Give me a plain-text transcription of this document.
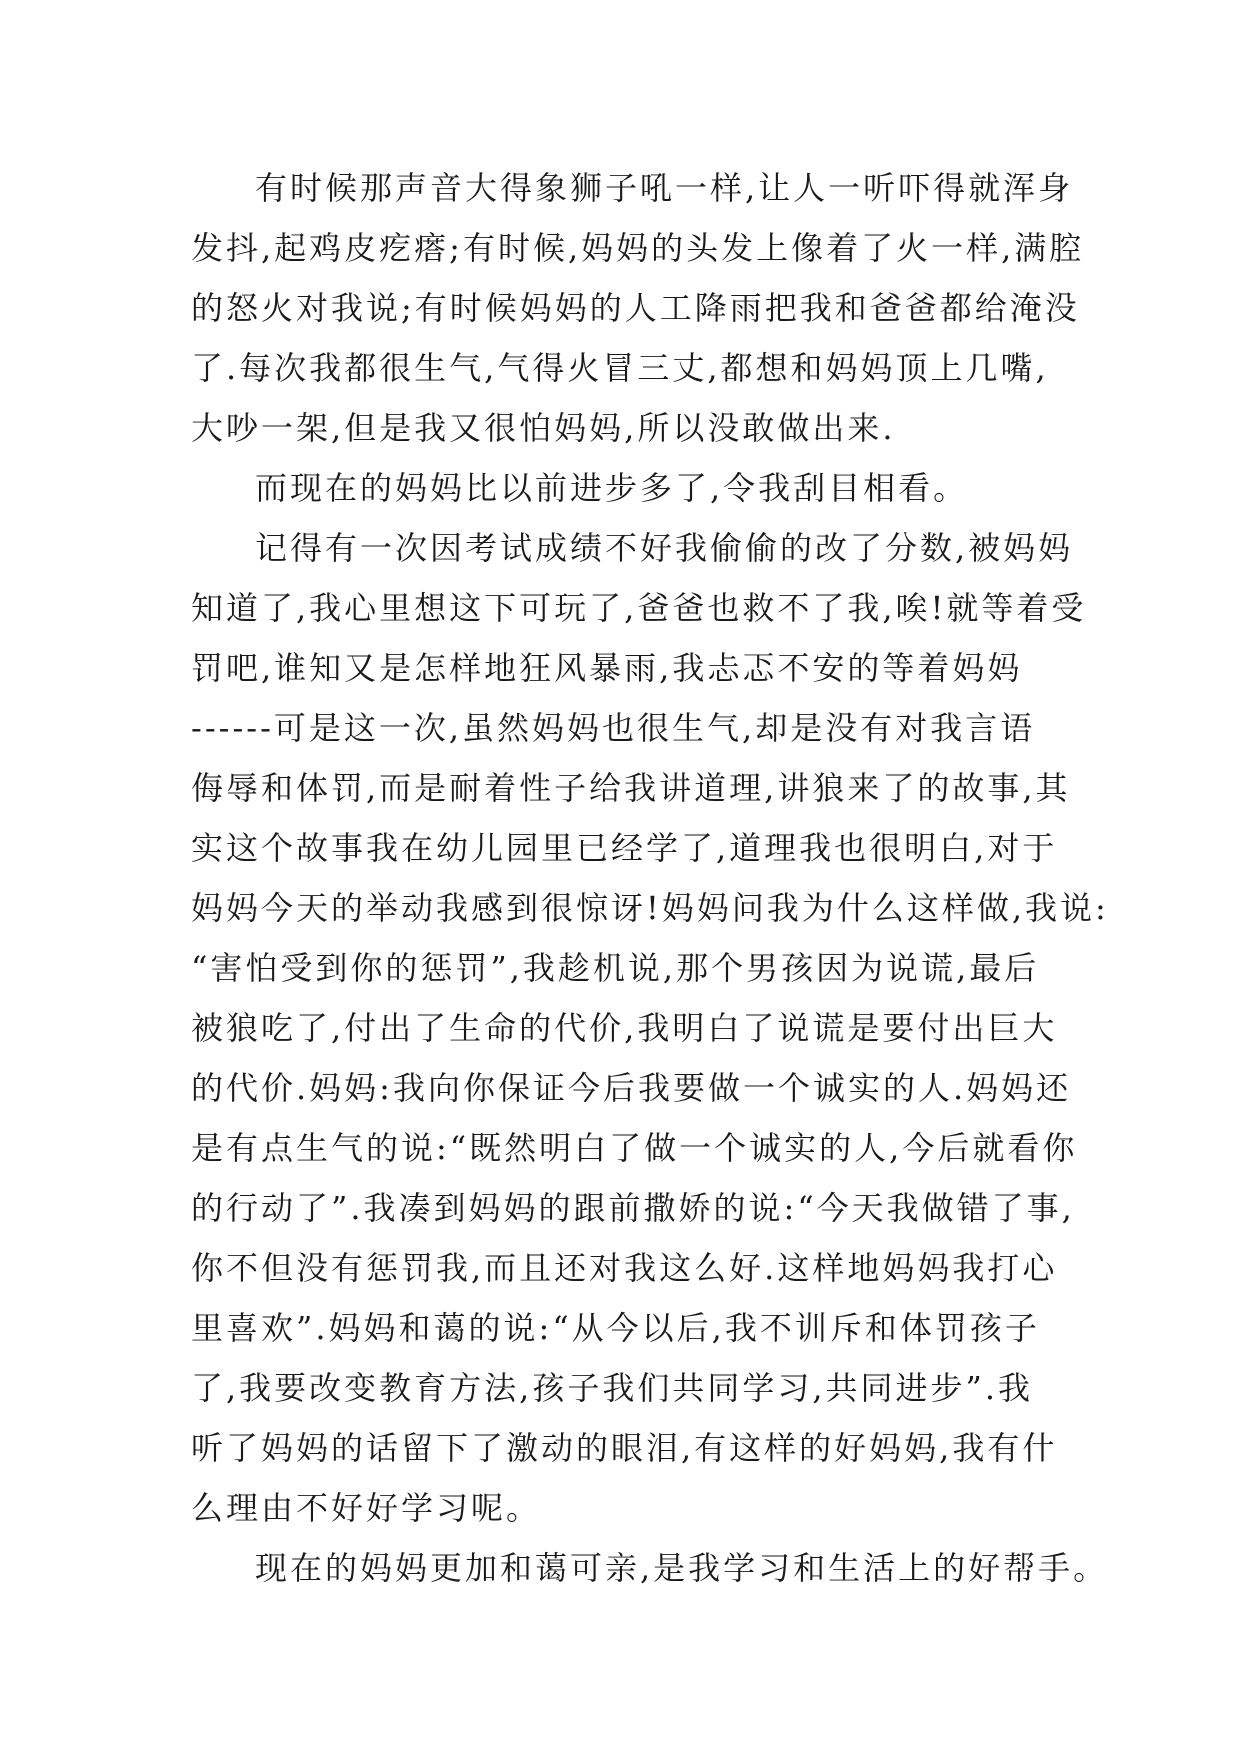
有时候那声音大得象狮子吼一样,让人一听吓得就浑身
发抖,起鸡皮疙瘩;有时候,妈妈的头发上像着了火一样,满腔
的怒火对我说;有时候妈妈的人工降雨把我和爸爸都给淹没
了.每次我都很生气,气得火冒三丈,都想和妈妈顶上几嘴,
大吵一架,但是我又很怕妈妈,所以没敢做出来.
而现在的妈妈比以前进步多了,令我刮目相看。
记得有一次因考试成绩不好我偷偷的改了分数,被妈妈
知道了,我心里想这下可玩了,爸爸也救不了我,唉!就等着受
罚吧,谁知又是怎样地狂风暴雨,我忐忑不安的等着妈妈
------可是这一次,虽然妈妈也很生气,却是没有对我言语
侮辱和体罚,而是耐着性子给我讲道理,讲狼来了的故事,其
实这个故事我在幼儿园里已经学了,道理我也很明白,对于
妈妈今天的举动我感到很惊讶!妈妈问我为什么这样做,我说:
“害怕受到你的惩罚”,我趁机说,那个男孩因为说谎,最后
被狼吃了,付出了生命的代价,我明白了说谎是要付出巨大
的代价.妈妈:我向你保证今后我要做一个诚实的人.妈妈还
是有点生气的说:“既然明白了做一个诚实的人,今后就看你
的行动了”.我凑到妈妈的跟前撒娇的说:“今天我做错了事,
你不但没有惩罚我,而且还对我这么好.这样地妈妈我打心
里喜欢”.妈妈和蔼的说:“从今以后,我不训斥和体罚孩子
了,我要改变教育方法,孩子我们共同学习,共同进步”.我
听了妈妈的话留下了激动的眼泪,有这样的好妈妈,我有什
么理由不好好学习呢。
现在的妈妈更加和蔼可亲,是我学习和生活上的好帮手。
